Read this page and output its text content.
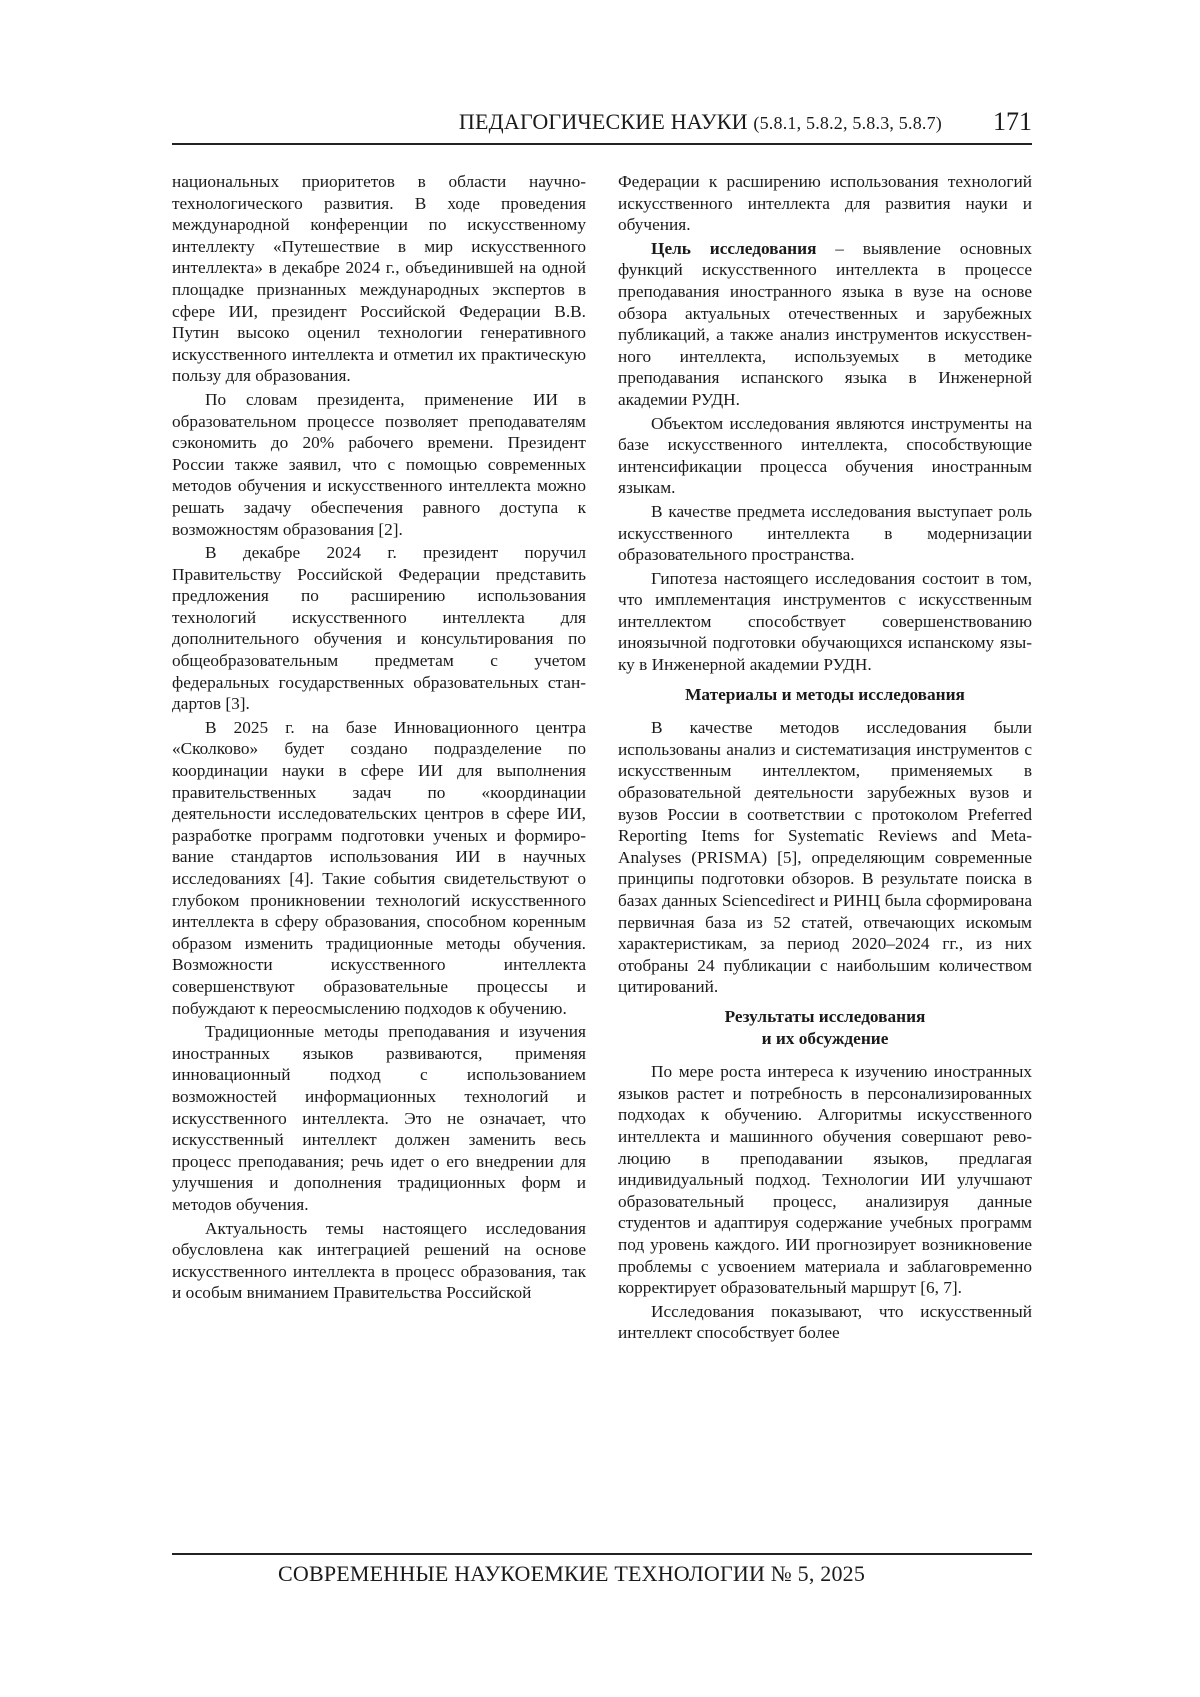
ПЕДАГОГИЧЕСКИЕ НАУКИ (5.8.1, 5.8.2, 5.8.3, 5.8.7) 171

национальных приоритетов в области научно-технологического развития. В ходе проведения международной конференции по искусственному интеллекту «Путешествие в мир искусственного интеллекта» в декабре 2024 г., объединившей на одной площадке признанных международных экспертов в сфере ИИ, президент Российской Федерации В.В. Путин высоко оценил технологии генеративного искусственного интеллекта и отметил их практическую пользу для образования.

По словам президента, применение ИИ в образовательном процессе позволяет преподавателям сэкономить до 20% рабочего времени. Президент России также заявил, что с помощью современных методов обучения и искусственного интеллекта можно решать задачу обеспечения равного доступа к возможностям образования [2].

В декабре 2024 г. президент поручил Правительству Российской Федерации представить предложения по расширению использования технологий искусственного интеллекта для дополнительного обучения и консультирования по общеобразовательным предметам с учетом федеральных государственных образовательных стандартов [3].

В 2025 г. на базе Инновационного центра «Сколково» будет создано подразделение по координации науки в сфере ИИ для выполнения правительственных задач по «координации деятельности исследовательских центров в сфере ИИ, разработке программ подготовки ученых и формирование стандартов использования ИИ в научных исследованиях [4]. Такие события свидетельствуют о глубоком проникновении технологий искусственного интеллекта в сферу образования, способном коренным образом изменить традиционные методы обучения. Возможности искусственного интеллекта совершенствуют образовательные процессы и побуждают к переосмыслению подходов к обучению.

Традиционные методы преподавания и изучения иностранных языков развиваются, применяя инновационный подход с использованием возможностей информационных технологий и искусственного интеллекта. Это не означает, что искусственный интеллект должен заменить весь процесс преподавания; речь идет о его внедрении для улучшения и дополнения традиционных форм и методов обучения.

Актуальность темы настоящего исследования обусловлена как интеграцией решений на основе искусственного интеллекта в процесс образования, так и особым вниманием Правительства Российской

Федерации к расширению использования технологий искусственного интеллекта для развития науки и обучения.

Цель исследования – выявление основных функций искусственного интеллекта в процессе преподавания иностранного языка в вузе на основе обзора актуальных отечественных и зарубежных публикаций, а также анализ инструментов искусственного интеллекта, используемых в методике преподавания испанского языка в Инженерной академии РУДН.

Объектом исследования являются инструменты на базе искусственного интеллекта, способствующие интенсификации процесса обучения иностранным языкам.

В качестве предмета исследования выступает роль искусственного интеллекта в модернизации образовательного пространства.

Гипотеза настоящего исследования состоит в том, что имплементация инструментов с искусственным интеллектом способствует совершенствованию иноязычной подготовки обучающихся испанскому языку в Инженерной академии РУДН.

Материалы и методы исследования

В качестве методов исследования были использованы анализ и систематизация инструментов с искусственным интеллектом, применяемых в образовательной деятельности зарубежных вузов и вузов России в соответствии с протоколом Preferred Reporting Items for Systematic Reviews and Meta-Analyses (PRISMA) [5], определяющим современные принципы подготовки обзоров. В результате поиска в базах данных Sciencedirect и РИНЦ была сформирована первичная база из 52 статей, отвечающих искомым характеристикам, за период 2020–2024 гг., из них отобраны 24 публикации с наибольшим количеством цитирований.

Результаты исследования
и их обсуждение

По мере роста интереса к изучению иностранных языков растет и потребность в персонализированных подходах к обучению. Алгоритмы искусственного интеллекта и машинного обучения совершают революцию в преподавании языков, предлагая индивидуальный подход. Технологии ИИ улучшают образовательный процесс, анализируя данные студентов и адаптируя содержание учебных программ под уровень каждого. ИИ прогнозирует возникновение проблемы с усвоением материала и заблаговременно корректирует образовательный маршрут [6, 7].

Исследования показывают, что искусственный интеллект способствует более

СОВРЕМЕННЫЕ НАУКОЕМКИЕ ТЕХНОЛОГИИ № 5, 2025
